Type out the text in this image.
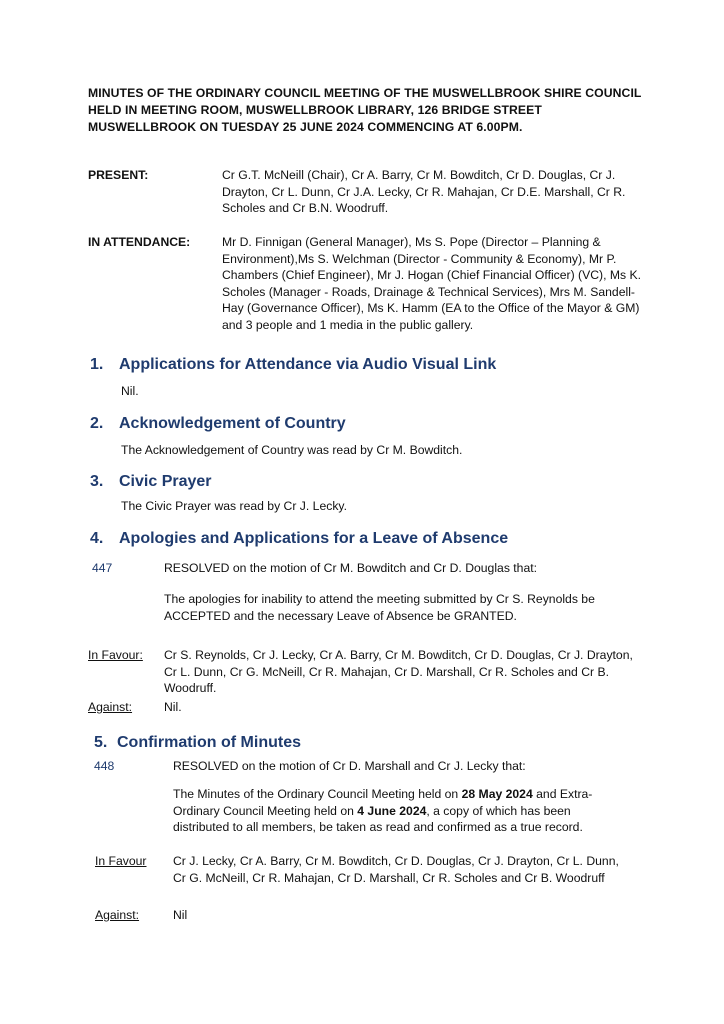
MINUTES OF THE ORDINARY COUNCIL MEETING OF THE MUSWELLBROOK SHIRE COUNCIL HELD IN MEETING ROOM, MUSWELLBROOK LIBRARY, 126 BRIDGE STREET MUSWELLBROOK ON TUESDAY 25 JUNE 2024 COMMENCING AT 6.00PM.
PRESENT:	Cr G.T. McNeill (Chair), Cr A. Barry, Cr M. Bowditch, Cr D. Douglas, Cr J. Drayton, Cr L. Dunn, Cr J.A. Lecky, Cr R. Mahajan, Cr D.E. Marshall, Cr R. Scholes and Cr B.N. Woodruff.
IN ATTENDANCE:	Mr D. Finnigan (General Manager), Ms S. Pope (Director – Planning & Environment),Ms S. Welchman (Director - Community & Economy), Mr P. Chambers (Chief Engineer), Mr J. Hogan (Chief Financial Officer) (VC), Ms K. Scholes (Manager - Roads, Drainage & Technical Services), Mrs M. Sandell-Hay (Governance Officer), Ms K. Hamm (EA to the Office of the Mayor & GM) and 3 people and 1 media in the public gallery.
1. Applications for Attendance via Audio Visual Link
Nil.
2. Acknowledgement of Country
The Acknowledgement of Country was read by Cr M. Bowditch.
3. Civic Prayer
The Civic Prayer was read by Cr J. Lecky.
4. Apologies and Applications for a Leave of Absence
447	RESOLVED on the motion of Cr M. Bowditch and Cr D. Douglas that:
The apologies for inability to attend the meeting submitted by Cr S. Reynolds be ACCEPTED and the necessary Leave of Absence be GRANTED.
In Favour: Cr S. Reynolds, Cr J. Lecky, Cr A. Barry, Cr M. Bowditch, Cr D. Douglas, Cr J. Drayton, Cr L. Dunn, Cr G. McNeill, Cr R. Mahajan, Cr D. Marshall, Cr R. Scholes and Cr B. Woodruff.
Against:	Nil.
5. Confirmation of Minutes
448	RESOLVED on the motion of Cr D. Marshall and Cr J. Lecky that:
The Minutes of the Ordinary Council Meeting held on 28 May 2024 and Extra-Ordinary Council Meeting held on 4 June 2024, a copy of which has been distributed to all members, be taken as read and confirmed as a true record.
In Favour Cr J. Lecky, Cr A. Barry, Cr M. Bowditch, Cr D. Douglas, Cr J. Drayton, Cr L. Dunn, Cr G. McNeill, Cr R. Mahajan, Cr D. Marshall, Cr R. Scholes and Cr B. Woodruff
Against:	Nil
